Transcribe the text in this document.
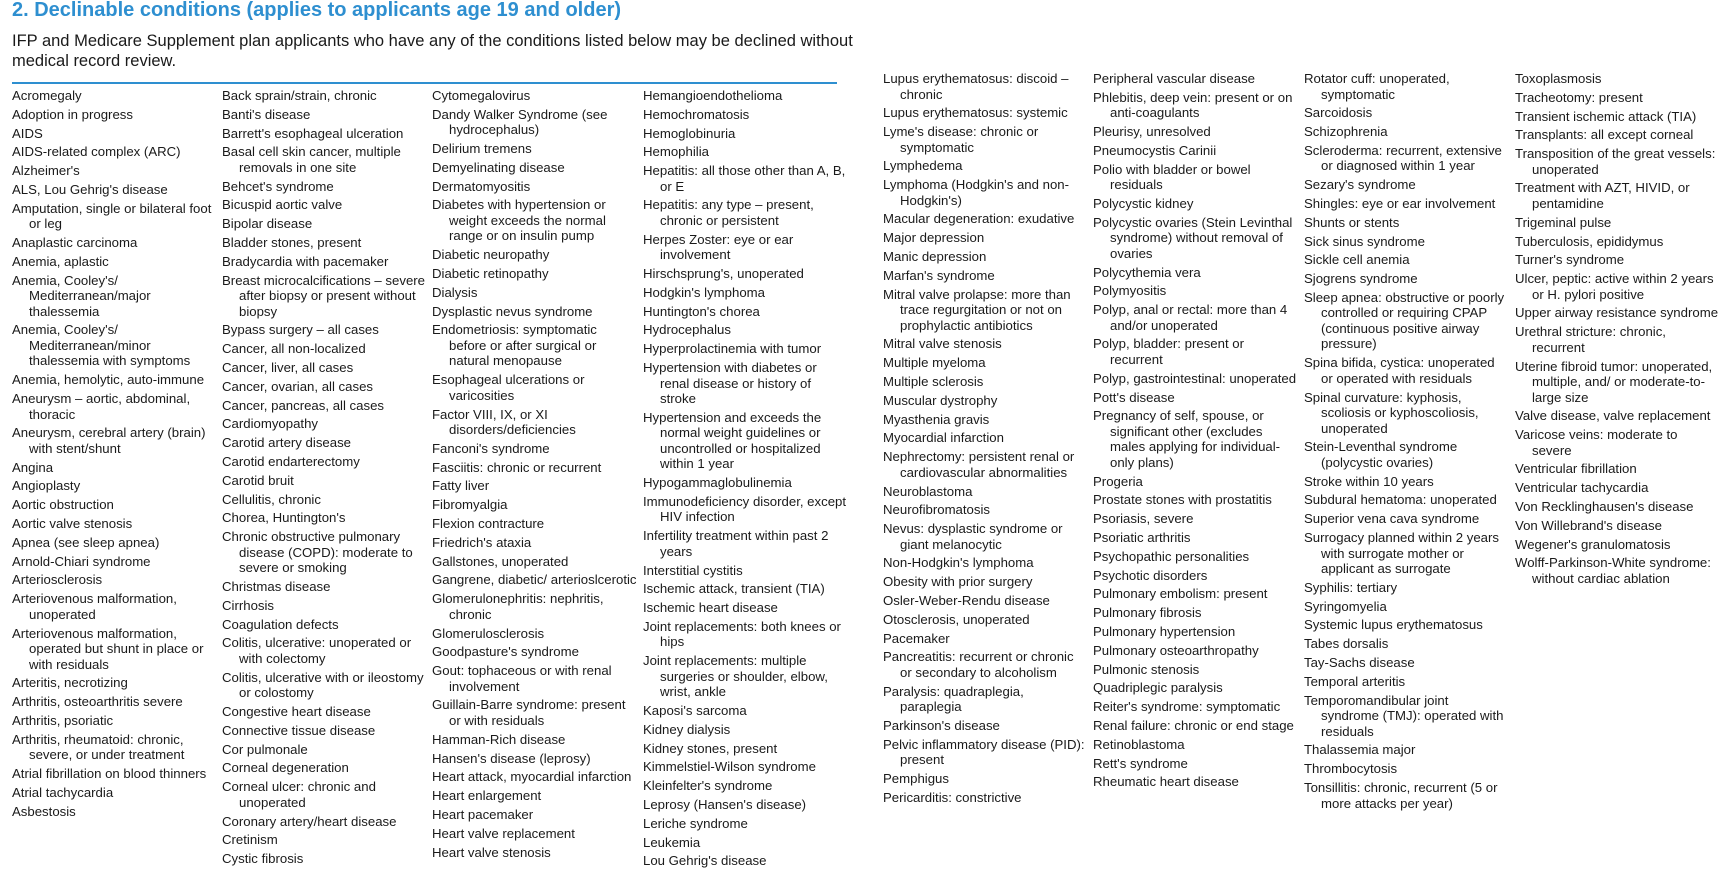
2. Declinable conditions (applies to applicants age 19 and older)

IFP and Medicare Supplement plan applicants who have any of the conditions listed below may be declined without medical record review.

Acromegaly
Adoption in progress
AIDS
AIDS-related complex (ARC)
Alzheimer's
ALS, Lou Gehrig's disease
Amputation, single or bilateral foot or leg
Anaplastic carcinoma
Anemia, aplastic
Anemia, Cooley's/ Mediterranean/major thalessemia
Anemia, Cooley's/ Mediterranean/minor thalessemia with symptoms
Anemia, hemolytic, auto-immune
Aneurysm – aortic, abdominal, thoracic
Aneurysm, cerebral artery (brain) with stent/shunt
Angina
Angioplasty
Aortic obstruction
Aortic valve stenosis
Apnea (see sleep apnea)
Arnold-Chiari syndrome
Arteriosclerosis
Arteriovenous malformation, unoperated
Arteriovenous malformation, operated but shunt in place or with residuals
Arteritis, necrotizing
Arthritis, osteoarthritis severe
Arthritis, psoriatic
Arthritis, rheumatoid: chronic, severe, or under treatment
Atrial fibrillation on blood thinners
Atrial tachycardia
Asbestosis
Back sprain/strain, chronic
Banti's disease
Barrett's esophageal ulceration
Basal cell skin cancer, multiple removals in one site
Behcet's syndrome
Bicuspid aortic valve
Bipolar disease
Bladder stones, present
Bradycardia with pacemaker
Breast microcalcifications – severe after biopsy or present without biopsy
Bypass surgery – all cases
Cancer, all non-localized
Cancer, liver, all cases
Cancer, ovarian, all cases
Cancer, pancreas, all cases
Cardiomyopathy
Carotid artery disease
Carotid endarterectomy
Carotid bruit
Cellulitis, chronic
Chorea, Huntington's
Chronic obstructive pulmonary disease (COPD): moderate to severe or smoking
Christmas disease
Cirrhosis
Coagulation defects
Colitis, ulcerative: unoperated or with colectomy
Colitis, ulcerative with or ileostomy or colostomy
Congestive heart disease
Connective tissue disease
Cor pulmonale
Corneal degeneration
Corneal ulcer: chronic and unoperated
Coronary artery/heart disease
Cretinism
Cystic fibrosis
Cytomegalovirus
Dandy Walker Syndrome (see hydrocephalus)
Delirium tremens
Demyelinating disease
Dermatomyositis
Diabetes with hypertension or weight exceeds the normal range or on insulin pump
Diabetic neuropathy
Diabetic retinopathy
Dialysis
Dysplastic nevus syndrome
Endometriosis: symptomatic before or after surgical or natural menopause
Esophageal ulcerations or varicosities
Factor VIII, IX, or XI disorders/deficiencies
Fanconi's syndrome
Fasciitis: chronic or recurrent
Fatty liver
Fibromyalgia
Flexion contracture
Friedrich's ataxia
Gallstones, unoperated
Gangrene, diabetic/ arterioslcerotic
Glomerulonephritis: nephritis, chronic
Glomerulosclerosis
Goodpasture's syndrome
Gout: tophaceous or with renal involvement
Guillain-Barre syndrome: present or with residuals
Hamman-Rich disease
Hansen's disease (leprosy)
Heart attack, myocardial infarction
Heart enlargement
Heart pacemaker
Heart valve replacement
Heart valve stenosis
Hemangioendothelioma
Hemochromatosis
Hemoglobinuria
Hemophilia
Hepatitis: all those other than A, B, or E
Hepatitis: any type – present, chronic or persistent
Herpes Zoster: eye or ear involvement
Hirschsprung's, unoperated
Hodgkin's lymphoma
Huntington's chorea
Hydrocephalus
Hyperprolactinemia with tumor
Hypertension with diabetes or renal disease or history of stroke
Hypertension and exceeds the normal weight guidelines or uncontrolled or hospitalized within 1 year
Hypogammaglobulinemia
Immunodeficiency disorder, except HIV infection
Infertility treatment within past 2 years
Interstitial cystitis
Ischemic attack, transient (TIA)
Ischemic heart disease
Joint replacements: both knees or hips
Joint replacements: multiple surgeries or shoulder, elbow, wrist, ankle
Kaposi's sarcoma
Kidney dialysis
Kidney stones, present
Kimmelstiel-Wilson syndrome
Kleinfelter's syndrome
Leprosy (Hansen's disease)
Leriche syndrome
Leukemia
Lou Gehrig's disease
Lupus erythematosus: discoid – chronic
Lupus erythematosus: systemic
Lyme's disease: chronic or symptomatic
Lymphedema
Lymphoma (Hodgkin's and non-Hodgkin's)
Macular degeneration: exudative
Major depression
Manic depression
Marfan's syndrome
Mitral valve prolapse: more than trace regurgitation or not on prophylactic antibiotics
Mitral valve stenosis
Multiple myeloma
Multiple sclerosis
Muscular dystrophy
Myasthenia gravis
Myocardial infarction
Nephrectomy: persistent renal or cardiovascular abnormalities
Neuroblastoma
Neurofibromatosis
Nevus: dysplastic syndrome or giant melanocytic
Non-Hodgkin's lymphoma
Obesity with prior surgery
Osler-Weber-Rendu disease
Otosclerosis, unoperated
Pacemaker
Pancreatitis: recurrent or chronic or secondary to alcoholism
Paralysis: quadraplegia, paraplegia
Parkinson's disease
Pelvic inflammatory disease (PID): present
Pemphigus
Pericarditis: constrictive
Peripheral vascular disease
Phlebitis, deep vein: present or on anti-coagulants
Pleurisy, unresolved
Pneumocystis Carinii
Polio with bladder or bowel residuals
Polycystic kidney
Polycystic ovaries (Stein Levinthal syndrome) without removal of ovaries
Polycythemia vera
Polymyositis
Polyp, anal or rectal: more than 4 and/or unoperated
Polyp, bladder: present or recurrent
Polyp, gastrointestinal: unoperated
Pott's disease
Pregnancy of self, spouse, or significant other (excludes males applying for individual-only plans)
Progeria
Prostate stones with prostatitis
Psoriasis, severe
Psoriatic arthritis
Psychopathic personalities
Psychotic disorders
Pulmonary embolism: present
Pulmonary fibrosis
Pulmonary hypertension
Pulmonary osteoarthropathy
Pulmonic stenosis
Quadriplegic paralysis
Reiter's syndrome: symptomatic
Renal failure: chronic or end stage
Retinoblastoma
Rett's syndrome
Rheumatic heart disease
Rotator cuff: unoperated, symptomatic
Sarcoidosis
Schizophrenia
Scleroderma: recurrent, extensive or diagnosed within 1 year
Sezary's syndrome
Shingles: eye or ear involvement
Shunts or stents
Sick sinus syndrome
Sickle cell anemia
Sjogrens syndrome
Sleep apnea: obstructive or poorly controlled or requiring CPAP (continuous positive airway pressure)
Spina bifida, cystica: unoperated or operated with residuals
Spinal curvature: kyphosis, scoliosis or kyphoscoliosis, unoperated
Stein-Leventhal syndrome (polycystic ovaries)
Stroke within 10 years
Subdural hematoma: unoperated
Superior vena cava syndrome
Surrogacy planned within 2 years with surrogate mother or applicant as surrogate
Syphilis: tertiary
Syringomyelia
Systemic lupus erythematosus
Tabes dorsalis
Tay-Sachs disease
Temporal arteritis
Temporomandibular joint syndrome (TMJ): operated with residuals
Thalassemia major
Thrombocytosis
Tonsillitis: chronic, recurrent (5 or more attacks per year)
Toxoplasmosis
Tracheotomy: present
Transient ischemic attack (TIA)
Transplants: all except corneal
Transposition of the great vessels: unoperated
Treatment with AZT, HIVID, or pentamidine
Trigeminal pulse
Tuberculosis, epididymus
Turner's syndrome
Ulcer, peptic: active within 2 years or H. pylori positive
Upper airway resistance syndrome
Urethral stricture: chronic, recurrent
Uterine fibroid tumor: unoperated, multiple, and/ or moderate-to-large size
Valve disease, valve replacement
Varicose veins: moderate to severe
Ventricular fibrillation
Ventricular tachycardia
Von Recklinghausen's disease
Von Willebrand's disease
Wegener's granulomatosis
Wolff-Parkinson-White syndrome: without cardiac ablation
